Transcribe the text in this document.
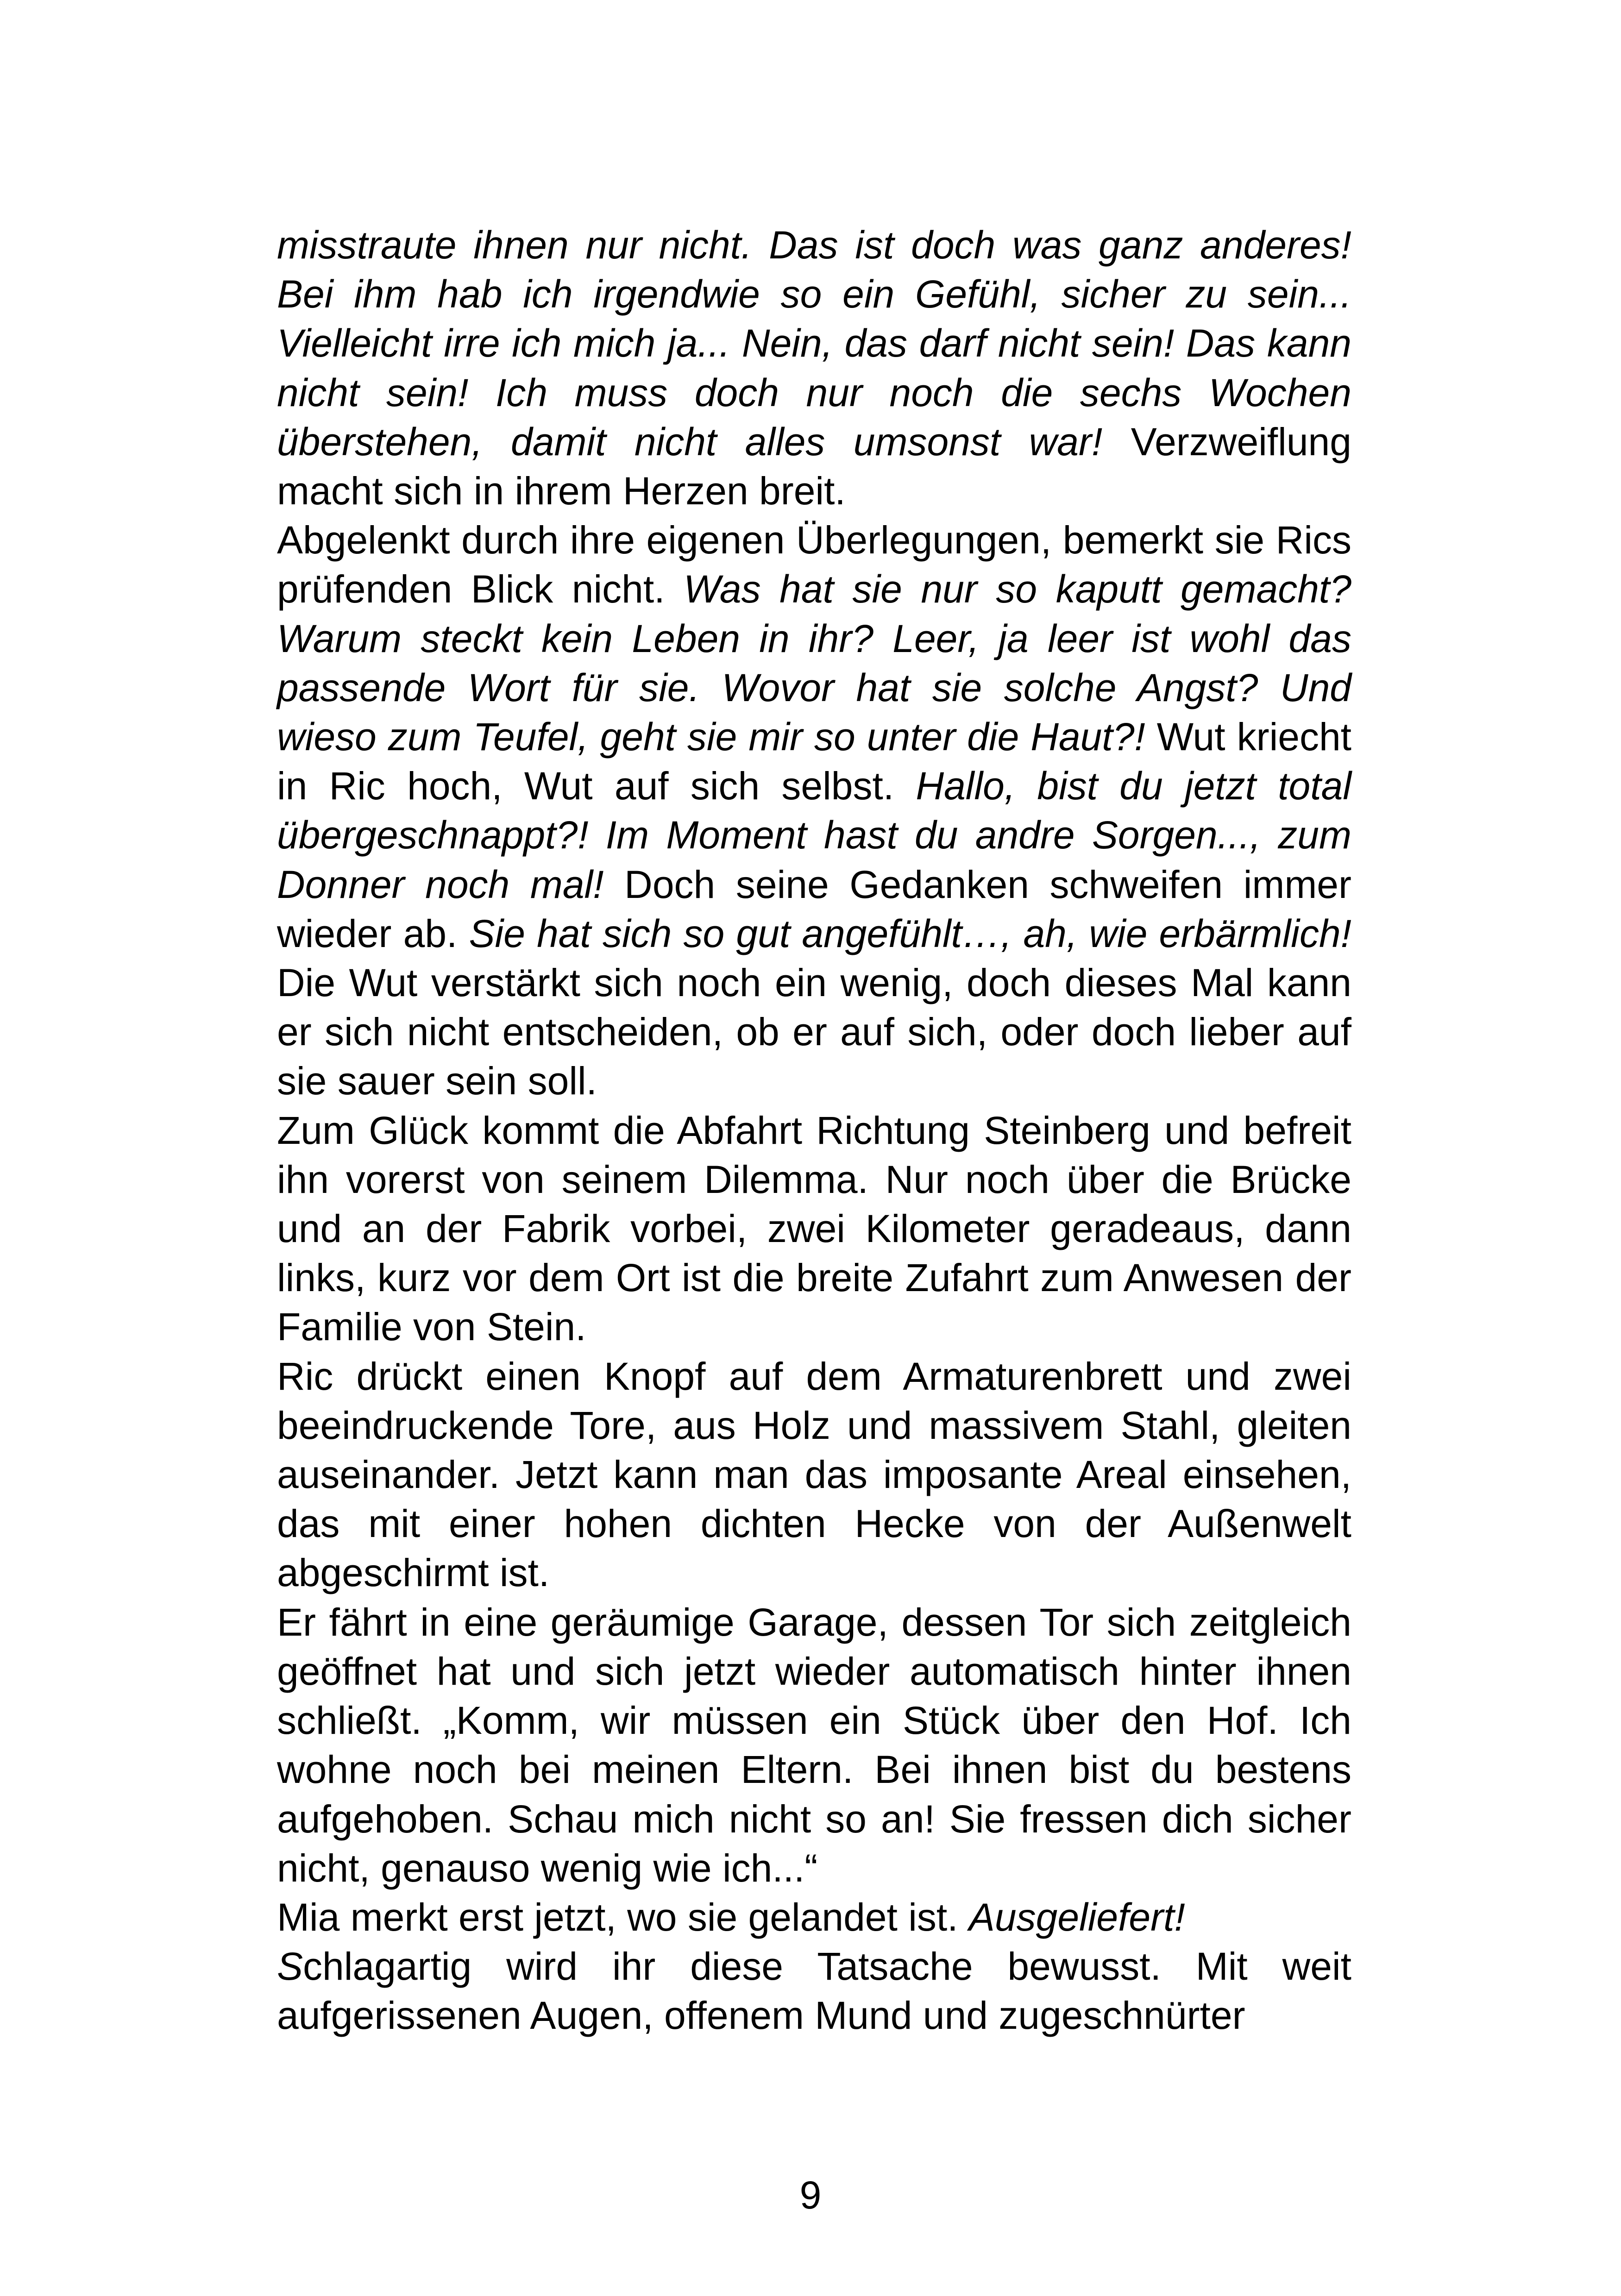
misstraute ihnen nur nicht. Das ist doch was ganz anderes! Bei ihm hab ich irgendwie so ein Gefühl, sicher zu sein... Vielleicht irre ich mich ja... Nein, das darf nicht sein! Das kann nicht sein! Ich muss doch nur noch die sechs Wochen überstehen, damit nicht alles umsonst war! Verzweiflung macht sich in ihrem Herzen breit.

Abgelenkt durch ihre eigenen Überlegungen, bemerkt sie Rics prüfenden Blick nicht. Was hat sie nur so kaputt gemacht? Warum steckt kein Leben in ihr? Leer, ja leer ist wohl das passende Wort für sie. Wovor hat sie solche Angst? Und wieso zum Teufel, geht sie mir so unter die Haut?! Wut kriecht in Ric hoch, Wut auf sich selbst. Hallo, bist du jetzt total übergeschnappt?! Im Moment hast du andre Sorgen..., zum Donner noch mal! Doch seine Gedanken schweifen immer wieder ab. Sie hat sich so gut angefühlt…, ah, wie erbärmlich! Die Wut verstärkt sich noch ein wenig, doch dieses Mal kann er sich nicht entscheiden, ob er auf sich, oder doch lieber auf sie sauer sein soll.

Zum Glück kommt die Abfahrt Richtung Steinberg und befreit ihn vorerst von seinem Dilemma. Nur noch über die Brücke und an der Fabrik vorbei, zwei Kilometer geradeaus, dann links, kurz vor dem Ort ist die breite Zufahrt zum Anwesen der Familie von Stein.

Ric drückt einen Knopf auf dem Armaturenbrett und zwei beeindruckende Tore, aus Holz und massivem Stahl, gleiten auseinander. Jetzt kann man das imposante Areal einsehen, das mit einer hohen dichten Hecke von der Außenwelt abgeschirmt ist.

Er fährt in eine geräumige Garage, dessen Tor sich zeitgleich geöffnet hat und sich jetzt wieder automatisch hinter ihnen schließt. „Komm, wir müssen ein Stück über den Hof. Ich wohne noch bei meinen Eltern. Bei ihnen bist du bestens aufgehoben. Schau mich nicht so an! Sie fressen dich sicher nicht, genauso wenig wie ich...“

Mia merkt erst jetzt, wo sie gelandet ist. Ausgeliefert!

Schlagartig wird ihr diese Tatsache bewusst. Mit weit aufgerissenen Augen, offenem Mund und zugeschnürter

9
